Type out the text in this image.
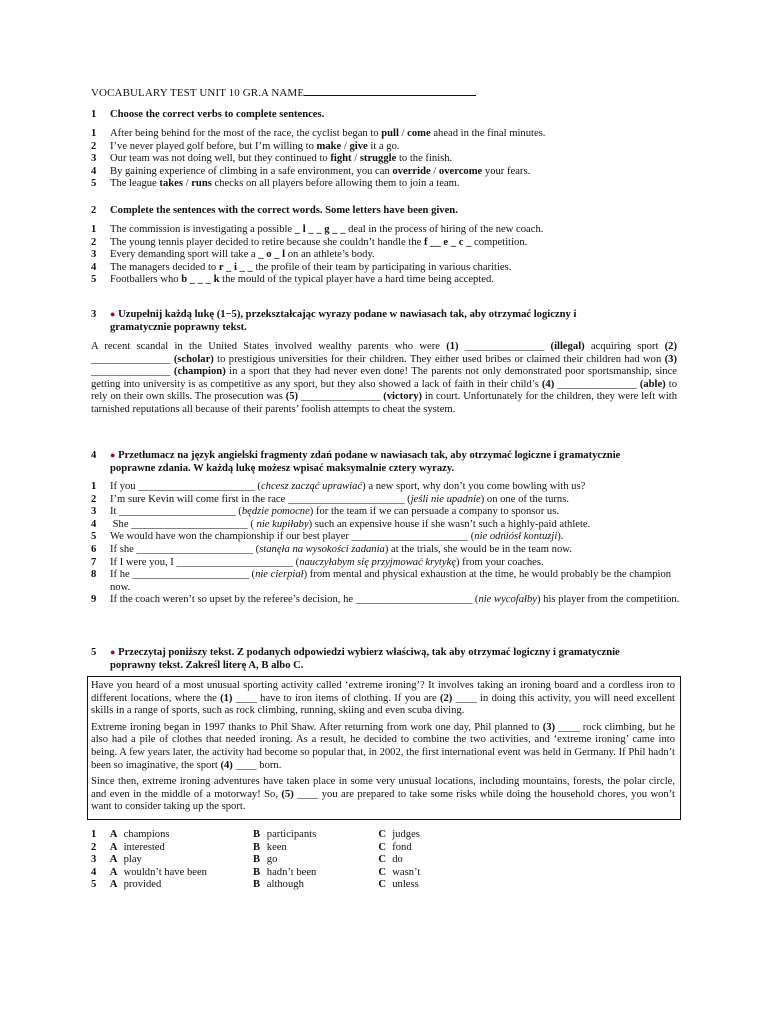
VOCABULARY TEST UNIT 10 GR.A NAME
1 Choose the correct verbs to complete sentences.
1	After being behind for the most of the race, the cyclist began to pull / come ahead in the final minutes.
2	I’ve never played golf before, but I’m willing to make / give it a go.
3	Our team was not doing well, but they continued to fight / struggle to the finish.
4	By gaining experience of climbing in a safe environment, you can override / overcome your fears.
5	The league takes / runs checks on all players before allowing them to join a team.
2 Complete the sentences with the correct words. Some letters have been given.
1	The commission is investigating a possible _ l _ _ g _ _ deal in the process of hiring of the new coach.
2	The young tennis player decided to retire because she couldn’t handle the f __ e _ c _ competition.
3	Every demanding sport will take a _ o _ l on an athlete’s body.
4	The managers decided to r _ i _ _ the profile of their team by participating in various charities.
5	Footballers who b _ _ _ k the mould of the typical player have a hard time being accepted.
3 ● Uzupełnij każdą lukę (1−5), przekształcając wyrazy podane w nawiasach tak, aby otrzymać logiczny i
gramatycznie poprawny tekst.
A recent scandal in the United States involved wealthy parents who were (1) _______________ (illegal) acquiring sport (2) _______________ (scholar) to prestigious universities for their children. They either used bribes or claimed their children had won (3) _______________ (champion) in a sport that they had never even done! The parents not only demonstrated poor sportsmanship, since getting into university is as competitive as any sport, but they also showed a lack of faith in their child’s (4) _______________ (able) to rely on their own skills. The prosecution was (5) _______________ (victory) in court. Unfortunately for the children, they were left with tarnished reputations all because of their parents’ foolish attempts to cheat the system.
4 ● Przetłumacz na język angielski fragmenty zdań podane w nawiasach tak, aby otrzymać logiczne i gramatycznie
poprawne zdania. W każdą lukę możesz wpisać maksymalnie cztery wyrazy.
1	If you ______________________ (chcesz zacząć uprawiać) a new sport, why don’t you come bowling with us?
2	I’m sure Kevin will come first in the race ______________________ (jeśli nie upadnie) on one of the turns.
3	It ______________________ (będzie pomocne) for the team if we can persuade a company to sponsor us.
4	She ______________________ ( nie kupiłaby) such an expensive house if she wasn’t such a highly-paid athlete.
5	We would have won the championship if our best player ______________________ (nie odniósł kontuzji).
6	If she ______________________ (stanęła na wysokości zadania) at the trials, she would be in the team now.
7	If I were you, I ______________________ (nauczyłabym się przyjmować krytykę) from your coaches.
8	If he ______________________ (nie cierpiał) from mental and physical exhaustion at the time, he would probably be the champion now.
9	If the coach weren’t so upset by the referee’s decision, he ______________________ (nie wycofałby) his player from the competition.
5 ● Przeczytaj poniższy tekst. Z podanych odpowiedzi wybierz właściwą, tak aby otrzymać logiczny i gramatycznie
poprawny tekst. Zakreśl literę A, B albo C.

Have you heard of a most unusual sporting activity called ‘extreme ironing’? It involves taking an ironing board and a cordless iron to different locations, where the (1) ____ have to iron items of clothing. If you are (2) ____ in doing this activity, you will need excellent skills in a range of sports, such as rock climbing, running, skiing and even scuba diving.

Extreme ironing began in 1997 thanks to Phil Shaw. After returning from work one day, Phil planned to (3) ____ rock climbing, but he also had a pile of clothes that needed ironing. As a result, he decided to combine the two activities, and ‘extreme ironing’ came into being. A few years later, the activity had become so popular that, in 2002, the first international event was held in Germany. If Phil hadn’t been so imaginative, the sport (4) ____ born.

Since then, extreme ironing adventures have taken place in some very unusual locations, including mountains, forests, the polar circle, and even in the middle of a motorway! So, (5) ____ you are prepared to take some risks while doing the household chores, you won’t want to consider taking up the sport.

1	A champions	B participants	C judges
2	A interested	B keen	C fond
3	A play	B go	C do
4	A wouldn’t have been	B hadn’t been	C wasn’t
5	A provided	B although	C unless
